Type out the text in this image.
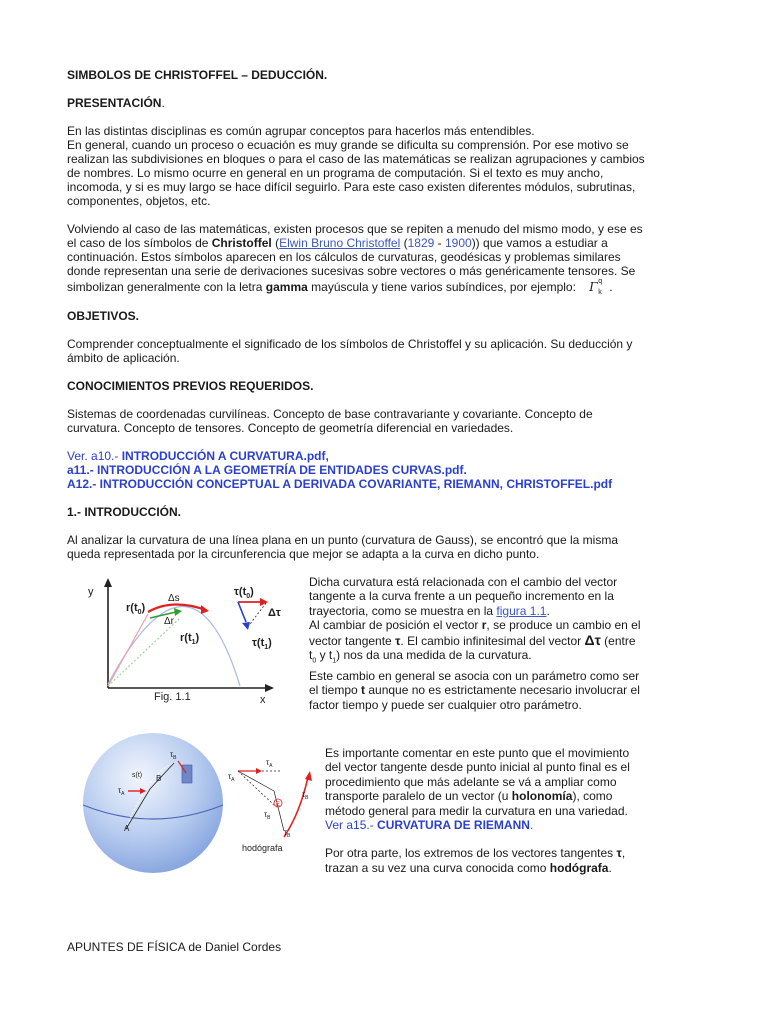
SIMBOLOS DE CHRISTOFFEL – DEDUCCIÓN.
PRESENTACIÓN.
En las distintas disciplinas es común agrupar conceptos para hacerlos más entendibles.
En general, cuando un proceso o ecuación es muy grande se dificulta su comprensión. Por ese motivo se
realizan las subdivisiones en bloques o para el caso de las matemáticas se realizan agrupaciones y cambios
de nombres. Lo mismo ocurre en general en un programa de computación. Si el texto es muy ancho,
incomoda, y si es muy largo se hace difícil seguirlo. Para este caso existen diferentes módulos, subrutinas,
componentes, objetos, etc.
Volviendo al caso de las matemáticas, existen procesos que se repiten a menudo del mismo modo, y ese es
el caso de los símbolos de Christoffel (Elwin Bruno Christoffel (1829 - 1900)) que vamos a estudiar a
continuación. Estos símbolos aparecen en los cálculos de curvaturas, geodésicas y problemas similares
donde representan una serie de derivaciones sucesivas sobre vectores o más genéricamente tensores. Se
simbolizan generalmente con la letra gamma mayúscula y tiene varios subíndices, por ejemplo: Γ q
k .
OBJETIVOS.
Comprender conceptualmente el significado de los símbolos de Christoffel y su aplicación. Su deducción y
ámbito de aplicación.
CONOCIMIENTOS PREVIOS REQUERIDOS.
Sistemas de coordenadas curvilíneas. Concepto de base contravariante y covariante. Concepto de
curvatura. Concepto de tensores. Concepto de geometría diferencial en variedades.
Ver. a10.- INTRODUCCIÓN A CURVATURA.pdf,
a11.- INTRODUCCIÓN A LA GEOMETRÍA DE ENTIDADES CURVAS.pdf.
A12.- INTRODUCCIÓN CONCEPTUAL A DERIVADA COVARIANTE, RIEMANN, CHRISTOFFEL.pdf
1.- INTRODUCCIÓN.
Al analizar la curvatura de una línea plana en un punto (curvatura de Gauss), se encontró que la misma
queda representada por la circunferencia que mejor se adapta a la curva en dicho punto.
Dicha curvatura está relacionada con el cambio del vector
tangente a la curva frente a un pequeño incremento en la
trayectoria, como se muestra en la figura 1.1.
Al cambiar de posición el vector r, se produce un cambio en el
vector tangente τ. El cambio infinitesimal del vector Δτ (entre
$t_0$ y $t_1$) nos da una medida de la curvatura.
Este cambio en general se asocia con un parámetro como ser
el tiempo t aunque no es estrictamente necesario involucrar el
factor tiempo y puede ser cualquier otro parámetro.
Es importante comentar en este punto que el movimiento
del vector tangente desde punto inicial al punto final es el
procedimiento que más adelante se vá a ampliar como
transporte paralelo de un vector (u holonomía), como
método general para medir la curvatura en una variedad.
Ver a15.- CURVATURA DE RIEMANN.
Por otra parte, los extremos de los vectores tangentes τ,
trazan a su vez una curva conocida como hodógrafa.
APUNTES DE FÍSICA de Daniel Cordes
y
x
Δs
Δr
$r(t_0)$
$r(t_1)$
$\tau(t_0)$
Δτ
$\tau(t_1)$
Fig. 1.1
s(t) B
A
$\tau_A$
$\tau_B$
E
$\tau_A$
$\tau_A$
$\tau_B$
$\tau_B$
$\tau_B$
hodógrafa
